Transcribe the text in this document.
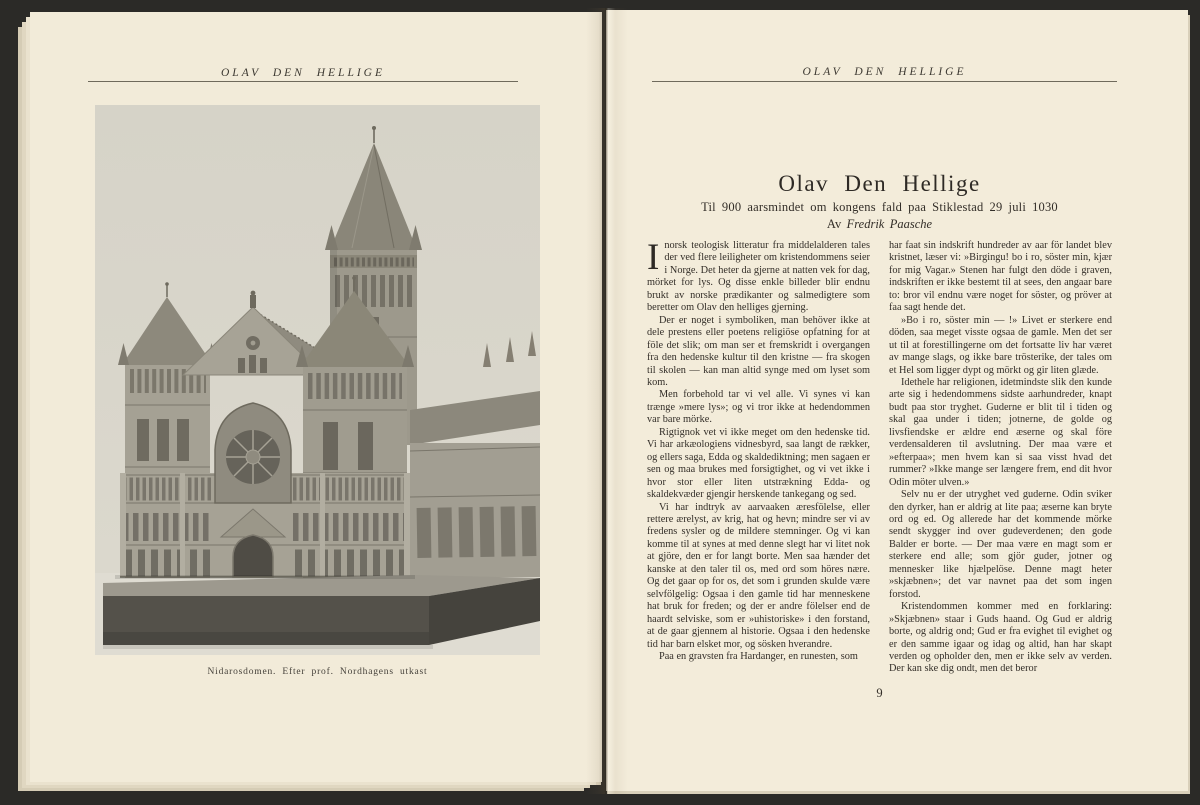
OLAV DEN HELLIGE
Nidarosdomen. Efter prof. Nordhagens utkast
OLAV DEN HELLIGE
Olav Den Hellige
Til 900 aarsmindet om kongens fald paa Stiklestad 29 juli 1030
Av Fredrik Paasche

Inorsk teologisk litteratur fra middelalderen tales der ved flere leiligheter om kristendommens seier i Norge. Det heter da gjerne at natten vek for dag, mörket for lys. Og disse enkle billeder blir endnu brukt av norske prædikanter og salmedigtere som beretter om Olav den helliges gjerning.

Der er noget i symboliken, man behöver ikke at dele prestens eller poetens religiöse opfatning for at föle det slik; om man ser et fremskridt i overgangen fra den hedenske kultur til den kristne — fra skogen til skolen — kan man altid synge med om lyset som kom.

Men forbehold tar vi vel alle. Vi synes vi kan trænge »mere lys»; og vi tror ikke at hedendommen var bare mörke.

Rigtignok vet vi ikke meget om den hedenske tid. Vi har arkæologiens vidnesbyrd, saa langt de rækker, og ellers saga, Edda og skaldediktning; men sagaen er sen og maa brukes med forsigtighet, og vi vet ikke i hvor stor eller liten utstrækning Edda- og skaldekvæder gjengir herskende tankegang og sed.

Vi har indtryk av aarvaaken æresfölelse, eller rettere ærelyst, av krig, hat og hevn; mindre ser vi av fredens sysler og de mildere stemninger. Og vi kan komme til at synes at med denne slegt har vi litet nok at gjöre, den er for langt borte. Men saa hænder det kanske at den taler til os, med ord som höres nære. Og det gaar op for os, det som i grunden skulde være selvfölgelig: Ogsaa i den gamle tid har menneskene hat bruk for freden; og der er andre fölelser end de haardt selviske, som er »uhistoriske» i den forstand, at de gaar gjennem al historie. Ogsaa i den hedenske tid har barn elsket mor, og sösken hverandre.

Paa en gravsten fra Hardanger, en runesten, som

har faat sin indskrift hundreder av aar för landet blev kristnet, læser vi: »Birgingu! bo i ro, söster min, kjær for mig Vagar.» Stenen har fulgt den döde i graven, indskriften er ikke bestemt til at sees, den angaar bare to: bror vil endnu være noget for söster, og pröver at faa sagt hende det.

»Bo i ro, söster min — !» Livet er sterkere end döden, saa meget visste ogsaa de gamle. Men det ser ut til at forestillingerne om det fortsatte liv har været av mange slags, og ikke bare trösterike, der tales om et Hel som ligger dypt og mörkt og gir liten glæde.

Idethele har religionen, idetmindste slik den kunde arte sig i hedendommens sidste aarhundreder, knapt budt paa stor tryghet. Guderne er blit til i tiden og skal gaa under i tiden; jotnerne, de golde og livsfiendske er ældre end æserne og skal före verdensalderen til avslutning. Der maa være et »efterpaa»; men hvem kan si saa visst hvad det rummer? »Ikke mange ser længere frem, end dit hvor Odin möter ulven.»

Selv nu er der utryghet ved guderne. Odin sviker den dyrker, han er aldrig at lite paa; æserne kan bryte ord og ed. Og allerede har det kommende mörke sendt skygger ind over gudeverdenen; den gode Balder er borte. — Der maa være en magt som er sterkere end alle; som gjör guder, jotner og mennesker like hjælpelöse. Denne magt heter »skjæbnen»; det var navnet paa det som ingen forstod.

Kristendommen kommer med en forklaring: »Skjæbnen» staar i Guds haand. Og Gud er aldrig borte, og aldrig ond; Gud er fra evighet til evighet og er den samme igaar og idag og altid, han har skapt verden og opholder den, men er ikke selv av verden. Der kan ske dig ondt, men det beror

9
